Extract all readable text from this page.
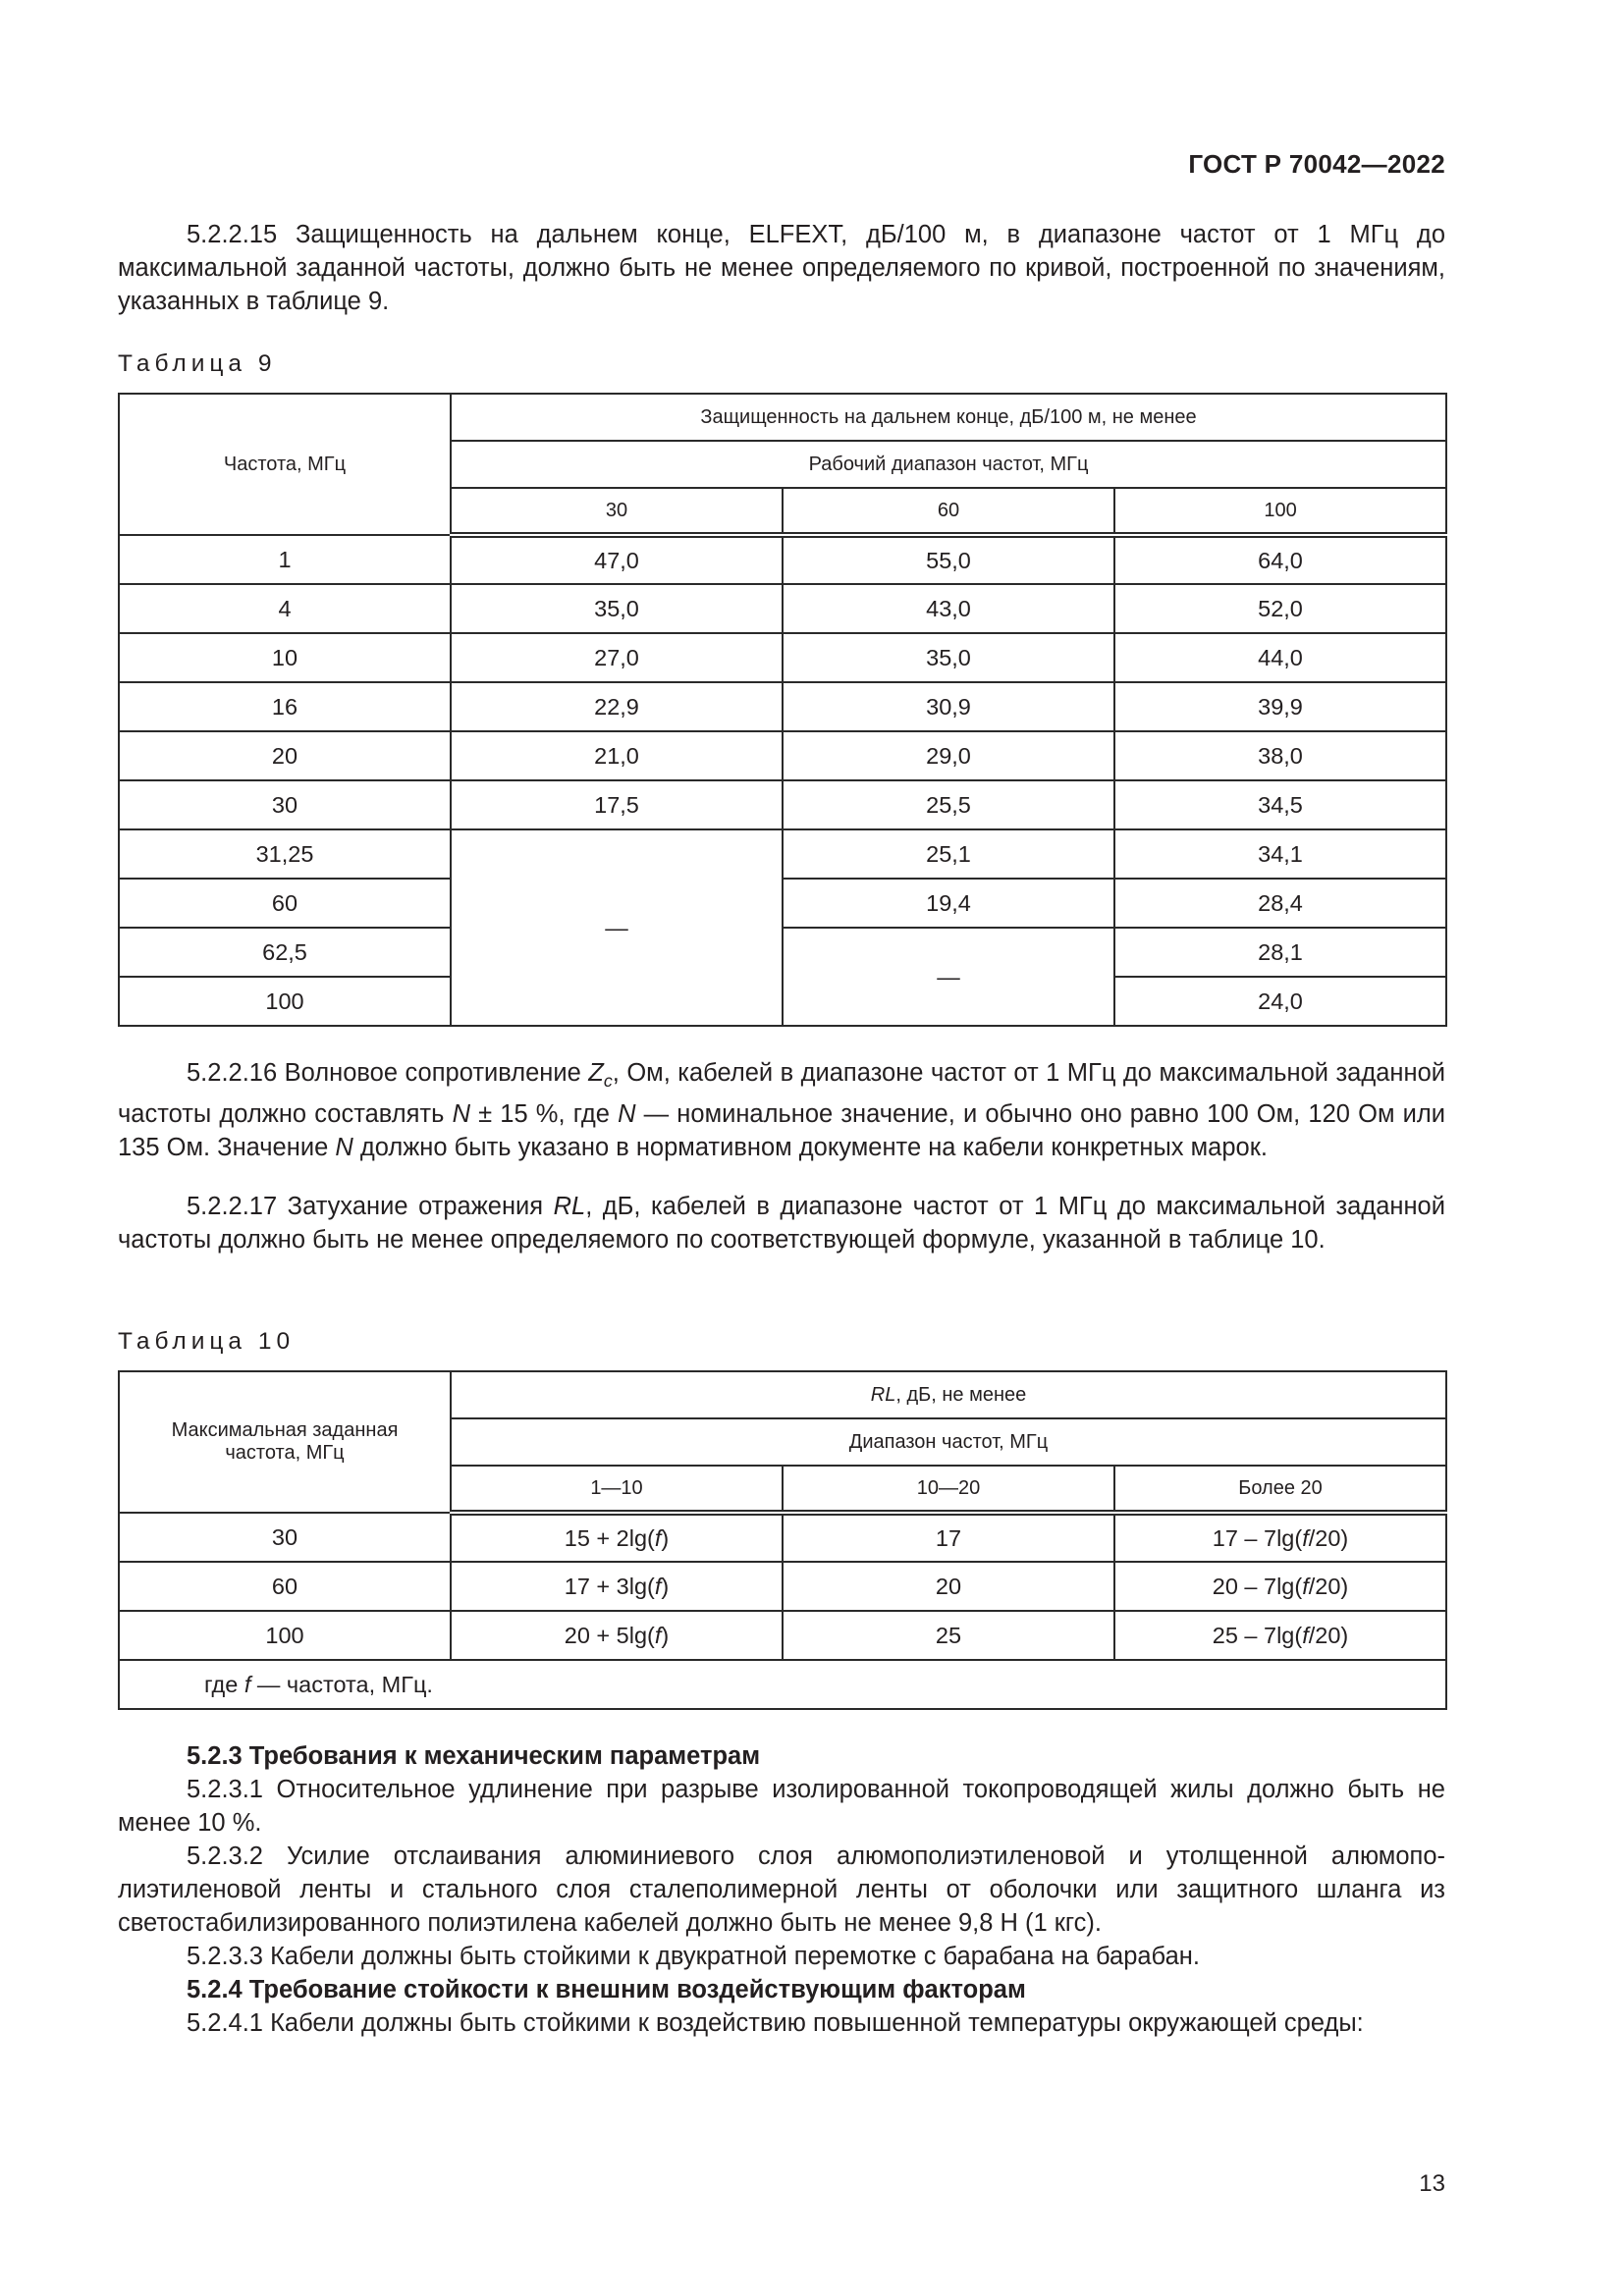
ГОСТ Р 70042—2022

5.2.2.15 Защищенность на дальнем конце, ELFEXT, дБ/100 м, в диапазоне частот от 1 МГц до максимальной заданной частоты, должно быть не менее определяемого по кривой, построенной по значениям, указанных в таблице 9.

Таблица 9
Частота, МГц	Защищенность на дальнем конце, дБ/100 м, не менее		
	Рабочий диапазон частот, МГц		
	30	60	100
1	47,0	55,0	64,0
4	35,0	43,0	52,0
10	27,0	35,0	44,0
16	22,9	30,9	39,9
20	21,0	29,0	38,0
30	17,5	25,5	34,5
31,25	—	25,1	34,1
60		19,4	28,4
62,5		—	28,1
100			24,0

5.2.2.16 Волновое сопротивление $Z_c$, Ом, кабелей в диапазоне частот от 1 МГц до максимальной заданной частоты должно составлять N ± 15 %, где N — номинальное значение, и обычно оно равно 100 Ом, 120 Ом или 135 Ом. Значение N должно быть указано в нормативном документе на кабели конкретных марок.

5.2.2.17 Затухание отражения RL, дБ, кабелей в диапазоне частот от 1 МГц до максимальной заданной частоты должно быть не менее определяемого по соответствующей формуле, указанной в таблице 10.

Таблица 10
Максимальная заданная частота, МГц	RL, дБ, не менее		
	Диапазон частот, МГц		
	1—10	10—20	Более 20
30	15 + 2lg(f)	17	17 – 7lg(f/20)
60	17 + 3lg(f)	20	20 – 7lg(f/20)
100	20 + 5lg(f)	25	25 – 7lg(f/20)
где f — частота, МГц.			

5.2.3 Требования к механическим параметрам

5.2.3.1 Относительное удлинение при разрыве изолированной токопроводящей жилы должно быть не менее 10 %.

5.2.3.2 Усилие отслаивания алюминиевого слоя алюмополиэтиленовой и утолщенной алюмопо-лиэтиленовой ленты и стального слоя сталеполимерной ленты от оболочки или защитного шланга из светостабилизированного полиэтилена кабелей должно быть не менее 9,8 Н (1 кгс).

5.2.3.3 Кабели должны быть стойкими к двукратной перемотке с барабана на барабан.

5.2.4 Требование стойкости к внешним воздействующим факторам

5.2.4.1 Кабели должны быть стойкими к воздействию повышенной температуры окружающей среды:

13
